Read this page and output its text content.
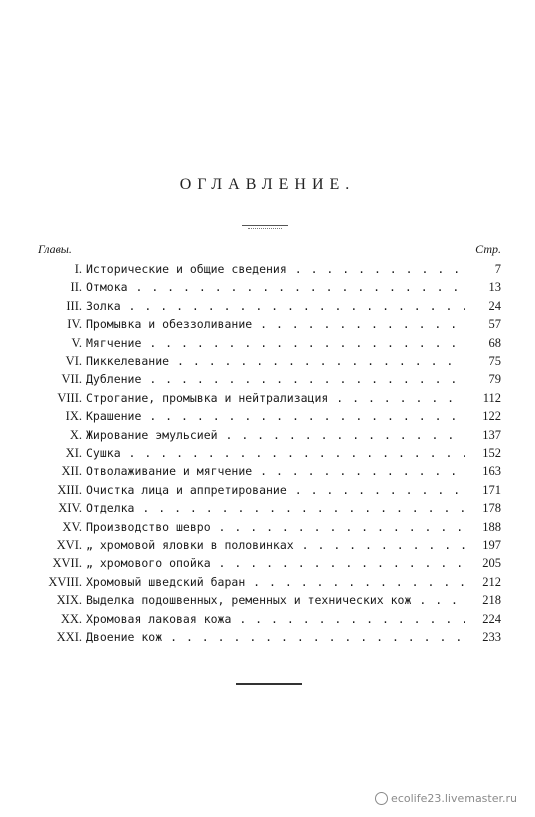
ОГЛАВЛЕНИЕ.
Главы.	Стр.
I. Исторические и общие сведения . . .	7
II. Отмока . . .	13
III. Золка . . .	24
IV. Промывка и обеззоливание . . .	57
V. Мягчение . . .	68
VI. Пиккелевание . . .	75
VII. Дубление . . .	79
VIII. Строгание, промывка и нейтрализация . . .	112
IX. Крашение . . .	122
X. Жирование эмульсией . . .	137
XI. Сушка . . .	152
XII. Отволаживание и мягчение . . .	163
XIII. Очистка лица и аппретирование . . .	171
XIV. Отделка . . .	178
XV. Производство шевро . . .	188
XVI. „ хромовой яловки в половинках . . .	197
XVII. „ хромового опойка . . .	205
XVIII. Хромовый шведский баран . . .	212
XIX. Выделка подошвенных, ременных и технических кож . . .	218
XX. Хромовая лаковая кожа . . .	224
XXI. Двоение кож . . .	233
ecolife23.livemaster.ru
